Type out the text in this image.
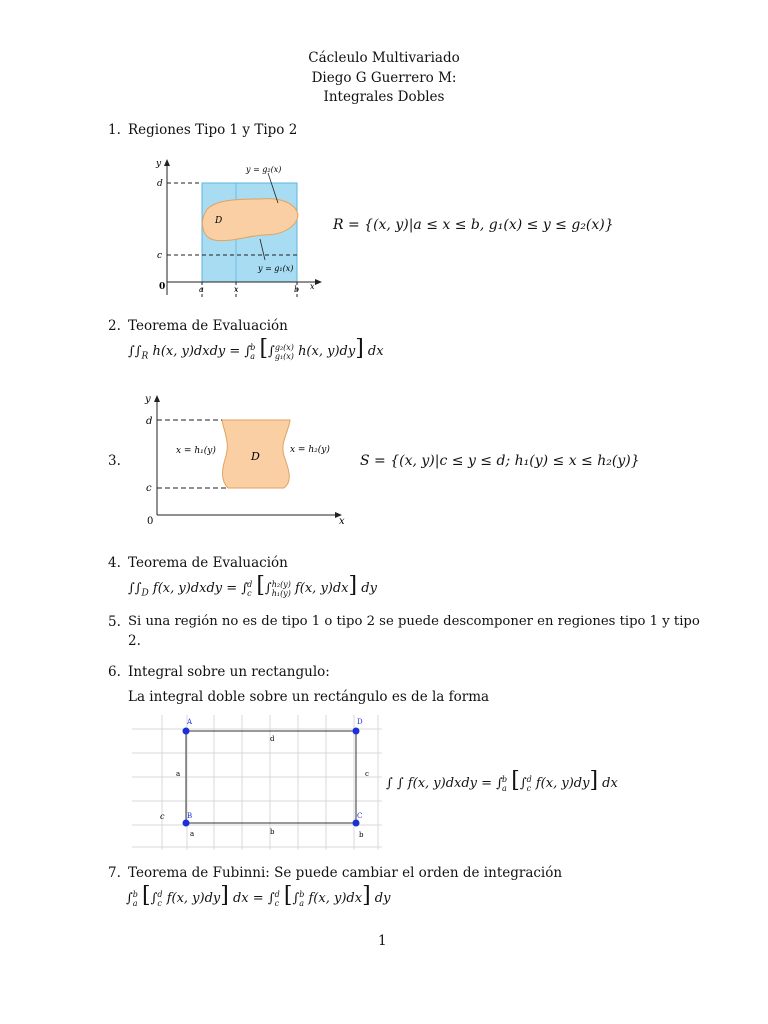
Cácleulo Multivariado
Diego G Guerrero M:
Integrales Dobles
1. Regiones Tipo 1 y Tipo 2
y
d
c
0	a	x	b x
D
y = g₂(x)
y = g₁(x)
R = {(x, y)|a ≤ x ≤ b, g₁(x) ≤ y ≤ g₂(x)}
2. Teorema de Evaluación
$\int\int_R$ h(x, y)dxdy = ∫ b
a [∫ g₂(x)
g₁(x) h(x, y)dy] dx
3.
y
d
c
0	x
D
x = h₁(y)	x = h₂(y)
S = {(x, y)|c ≤ y ≤ d; h₁(y) ≤ x ≤ h₂(y)}
4. Teorema de Evaluación
$\int\int_D$ f(x, y)dxdy = ∫ d
c [∫ h₂(y)
h₁(y) f(x, y)dx] dy
5. Si una región no es de tipo 1 o tipo 2 se puede descomponer en regiones tipo 1 y tipo
2.
6. Integral sobre un rectangulo:
La integral doble sobre un rectángulo es de la forma
A	D
B	C
d
a	c
c
a	b	b
∫ ∫ f(x, y)dxdy = ∫ b
a [∫ d
c f(x, y)dy] dx
7. Teorema de Fubinni: Se puede cambiar el orden de integración
∫ b
a [∫ d
c f(x, y)dy] dx = ∫ d
c [∫ b
a f(x, y)dx] dy
1
